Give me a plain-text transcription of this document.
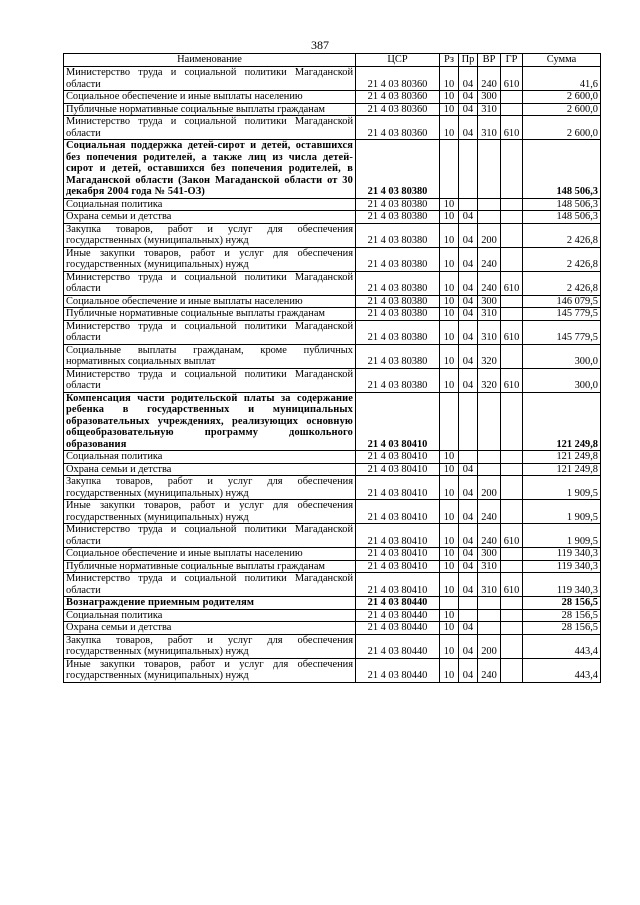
387
Наименование	ЦСР	Рз	Пр	ВР	ГР	Сумма
Министерство труда и социальной политики Магаданской области	21 4 03 80360	10	04	240	610	41,6
Социальное обеспечение и иные выплаты населению	21 4 03 80360	10	04	300		2 600,0
Публичные нормативные социальные выплаты гражданам	21 4 03 80360	10	04	310		2 600,0
Министерство труда и социальной политики Магаданской области	21 4 03 80360	10	04	310	610	2 600,0
Социальная поддержка детей-сирот и детей, оставшихся без попечения родителей, а также лиц из числа детей-сирот и детей, оставшихся без попечения родителей, в Магаданской области (Закон Магаданской области от 30 декабря 2004 года № 541-ОЗ)	21 4 03 80380					148 506,3
Социальная политика	21 4 03 80380	10				148 506,3
Охрана семьи и детства	21 4 03 80380	10	04			148 506,3
Закупка товаров, работ и услуг для обеспечения государственных (муниципальных) нужд	21 4 03 80380	10	04	200		2 426,8
Иные закупки товаров, работ и услуг для обеспечения государственных (муниципальных) нужд	21 4 03 80380	10	04	240		2 426,8
Министерство труда и социальной политики Магаданской области	21 4 03 80380	10	04	240	610	2 426,8
Социальное обеспечение и иные выплаты населению	21 4 03 80380	10	04	300		146 079,5
Публичные нормативные социальные выплаты гражданам	21 4 03 80380	10	04	310		145 779,5
Министерство труда и социальной политики Магаданской области	21 4 03 80380	10	04	310	610	145 779,5
Социальные выплаты гражданам, кроме публичных нормативных социальных выплат	21 4 03 80380	10	04	320		300,0
Министерство труда и социальной политики Магаданской области	21 4 03 80380	10	04	320	610	300,0
Компенсация части родительской платы за содержание ребенка в государственных и муниципальных образовательных учреждениях, реализующих основную общеобразовательную программу дошкольного образования	21 4 03 80410					121 249,8
Социальная политика	21 4 03 80410	10				121 249,8
Охрана семьи и детства	21 4 03 80410	10	04			121 249,8
Закупка товаров, работ и услуг для обеспечения государственных (муниципальных) нужд	21 4 03 80410	10	04	200		1 909,5
Иные закупки товаров, работ и услуг для обеспечения государственных (муниципальных) нужд	21 4 03 80410	10	04	240		1 909,5
Министерство труда и социальной политики Магаданской области	21 4 03 80410	10	04	240	610	1 909,5
Социальное обеспечение и иные выплаты населению	21 4 03 80410	10	04	300		119 340,3
Публичные нормативные социальные выплаты гражданам	21 4 03 80410	10	04	310		119 340,3
Министерство труда и социальной политики Магаданской области	21 4 03 80410	10	04	310	610	119 340,3
Вознаграждение приемным родителям	21 4 03 80440					28 156,5
Социальная политика	21 4 03 80440	10				28 156,5
Охрана семьи и детства	21 4 03 80440	10	04			28 156,5
Закупка товаров, работ и услуг для обеспечения государственных (муниципальных) нужд	21 4 03 80440	10	04	200		443,4
Иные закупки товаров, работ и услуг для обеспечения государственных (муниципальных) нужд	21 4 03 80440	10	04	240		443,4
